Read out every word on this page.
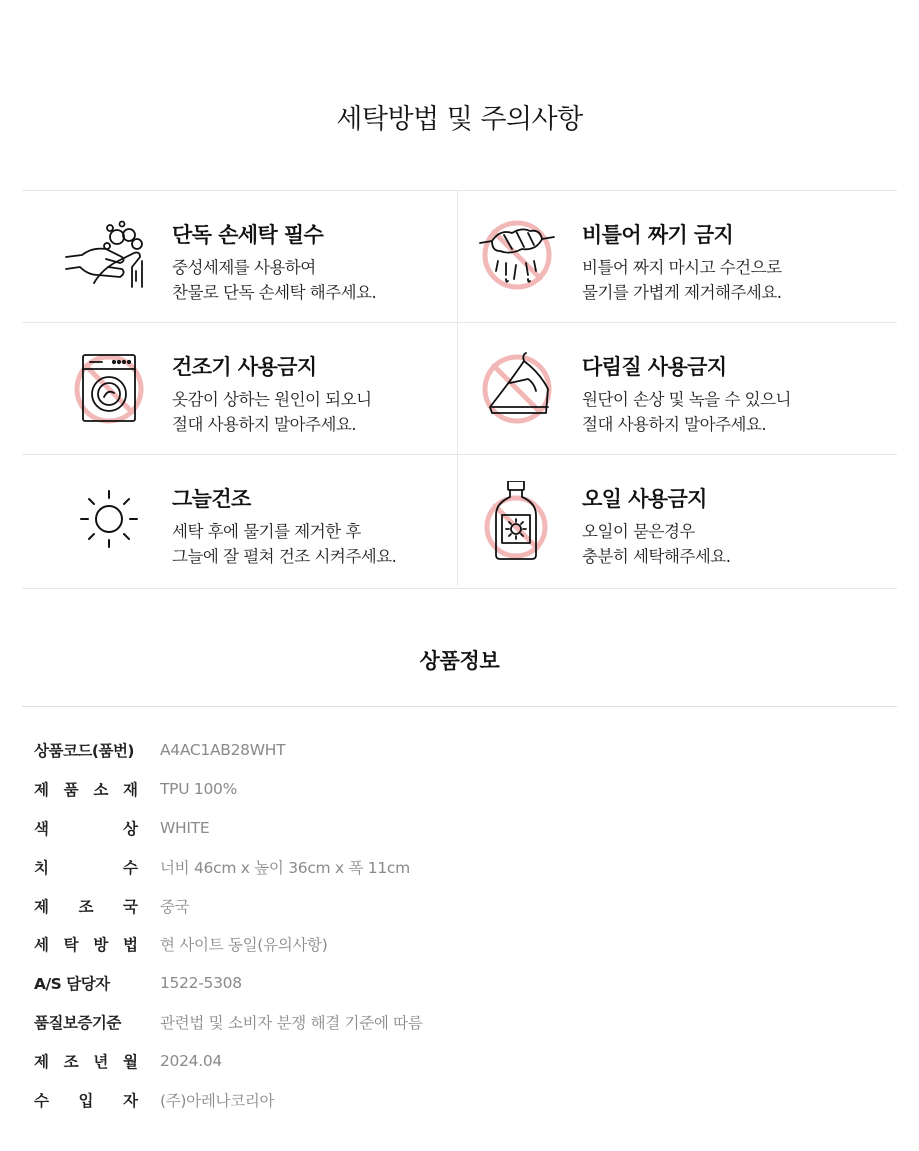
세탁방법 및 주의사항
단독 손세탁 필수
중성세제를 사용하여
찬물로 단독 손세탁 해주세요.
비틀어 짜기 금지
비틀어 짜지 마시고 수건으로
물기를 가볍게 제거해주세요.
건조기 사용금지
옷감이 상하는 원인이 되오니
절대 사용하지 말아주세요.
다림질 사용금지
원단이 손상 및 녹을 수 있으니
절대 사용하지 말아주세요.
그늘건조
세탁 후에 물기를 제거한 후
그늘에 잘 펼쳐 건조 시켜주세요.
오일 사용금지
오일이 묻은경우
충분히 세탁해주세요.
상품정보
상품코드(품번) A4AC1AB28WHT
제 품 소 재 TPU 100%
색	상 WHITE
치	수 너비 46cm x 높이 36cm x 폭 11cm
제 조 국 중국
세 탁 방 법 현 사이트 동일(유의사항)
A/S 담당자	1522-5308
품질보증기준	관련법 및 소비자 분쟁 해결 기준에 따름
제 조 년 월 2024.04
수 입 자 (주)아레나코리아
